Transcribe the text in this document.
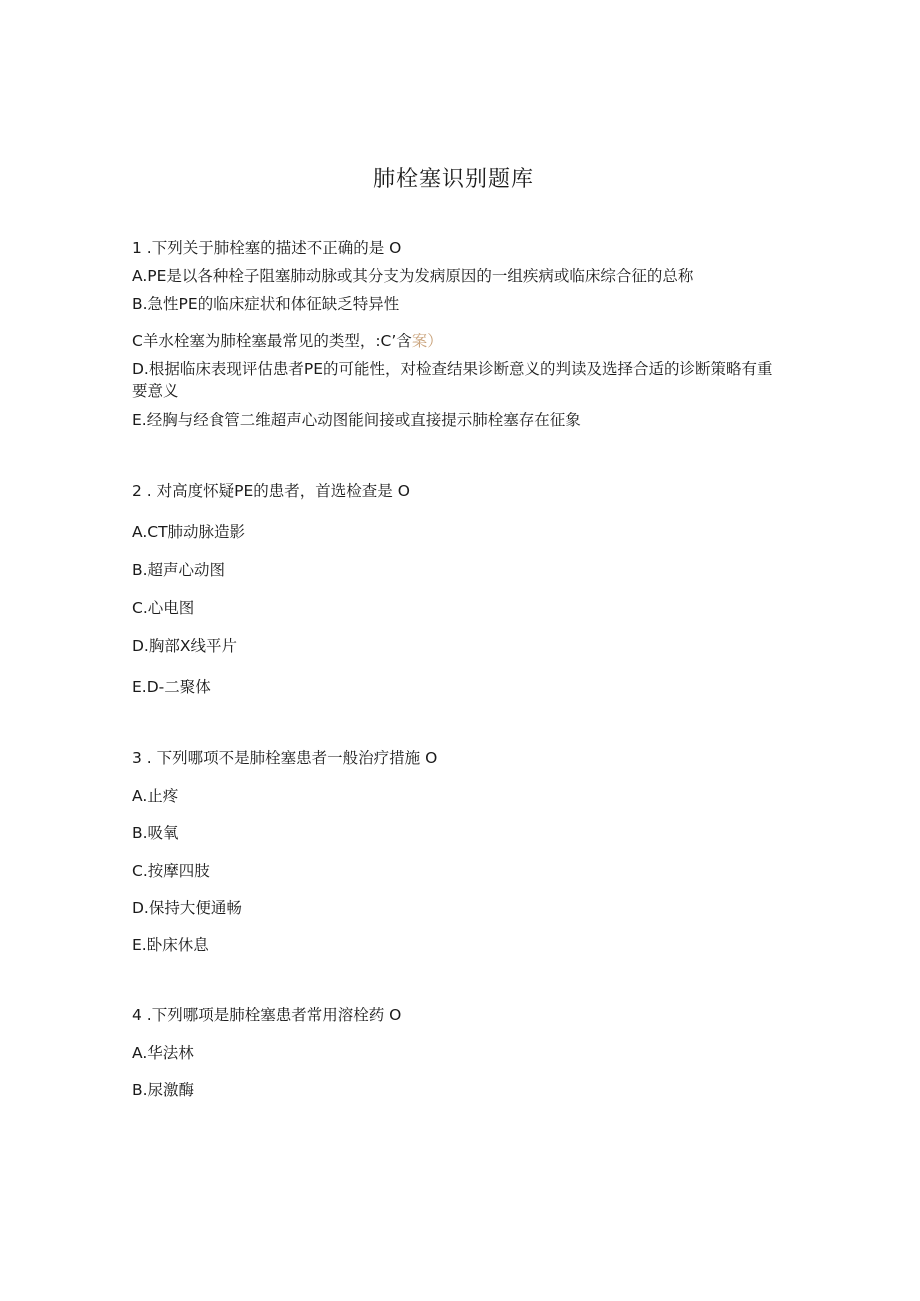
肺栓塞识别题库
1 .下列关于肺栓塞的描述不正确的是 O
A.PE是以各种栓子阻塞肺动脉或其分支为发病原因的一组疾病或临床综合征的总称
B.急性PE的临床症状和体征缺乏特异性
C羊水栓塞为肺栓塞最常见的类型，:C’含案）
D.根据临床表现评估患者PE的可能性，对检查结果诊断意义的判读及选择合适的诊断策略有重要意义
E.经胸与经食管二维超声心动图能间接或直接提示肺栓塞存在征象
2 . 对高度怀疑PE的患者，首选检查是 O
A.CT肺动脉造影
B.超声心动图
C.心电图
D.胸部X线平片
E.D-二聚体
3 . 下列哪项不是肺栓塞患者一般治疗措施 O
A.止疼
B.吸氧
C.按摩四肢
D.保持大便通畅
E.卧床休息
4 .下列哪项是肺栓塞患者常用溶栓药 O
A.华法林
B.尿激酶
